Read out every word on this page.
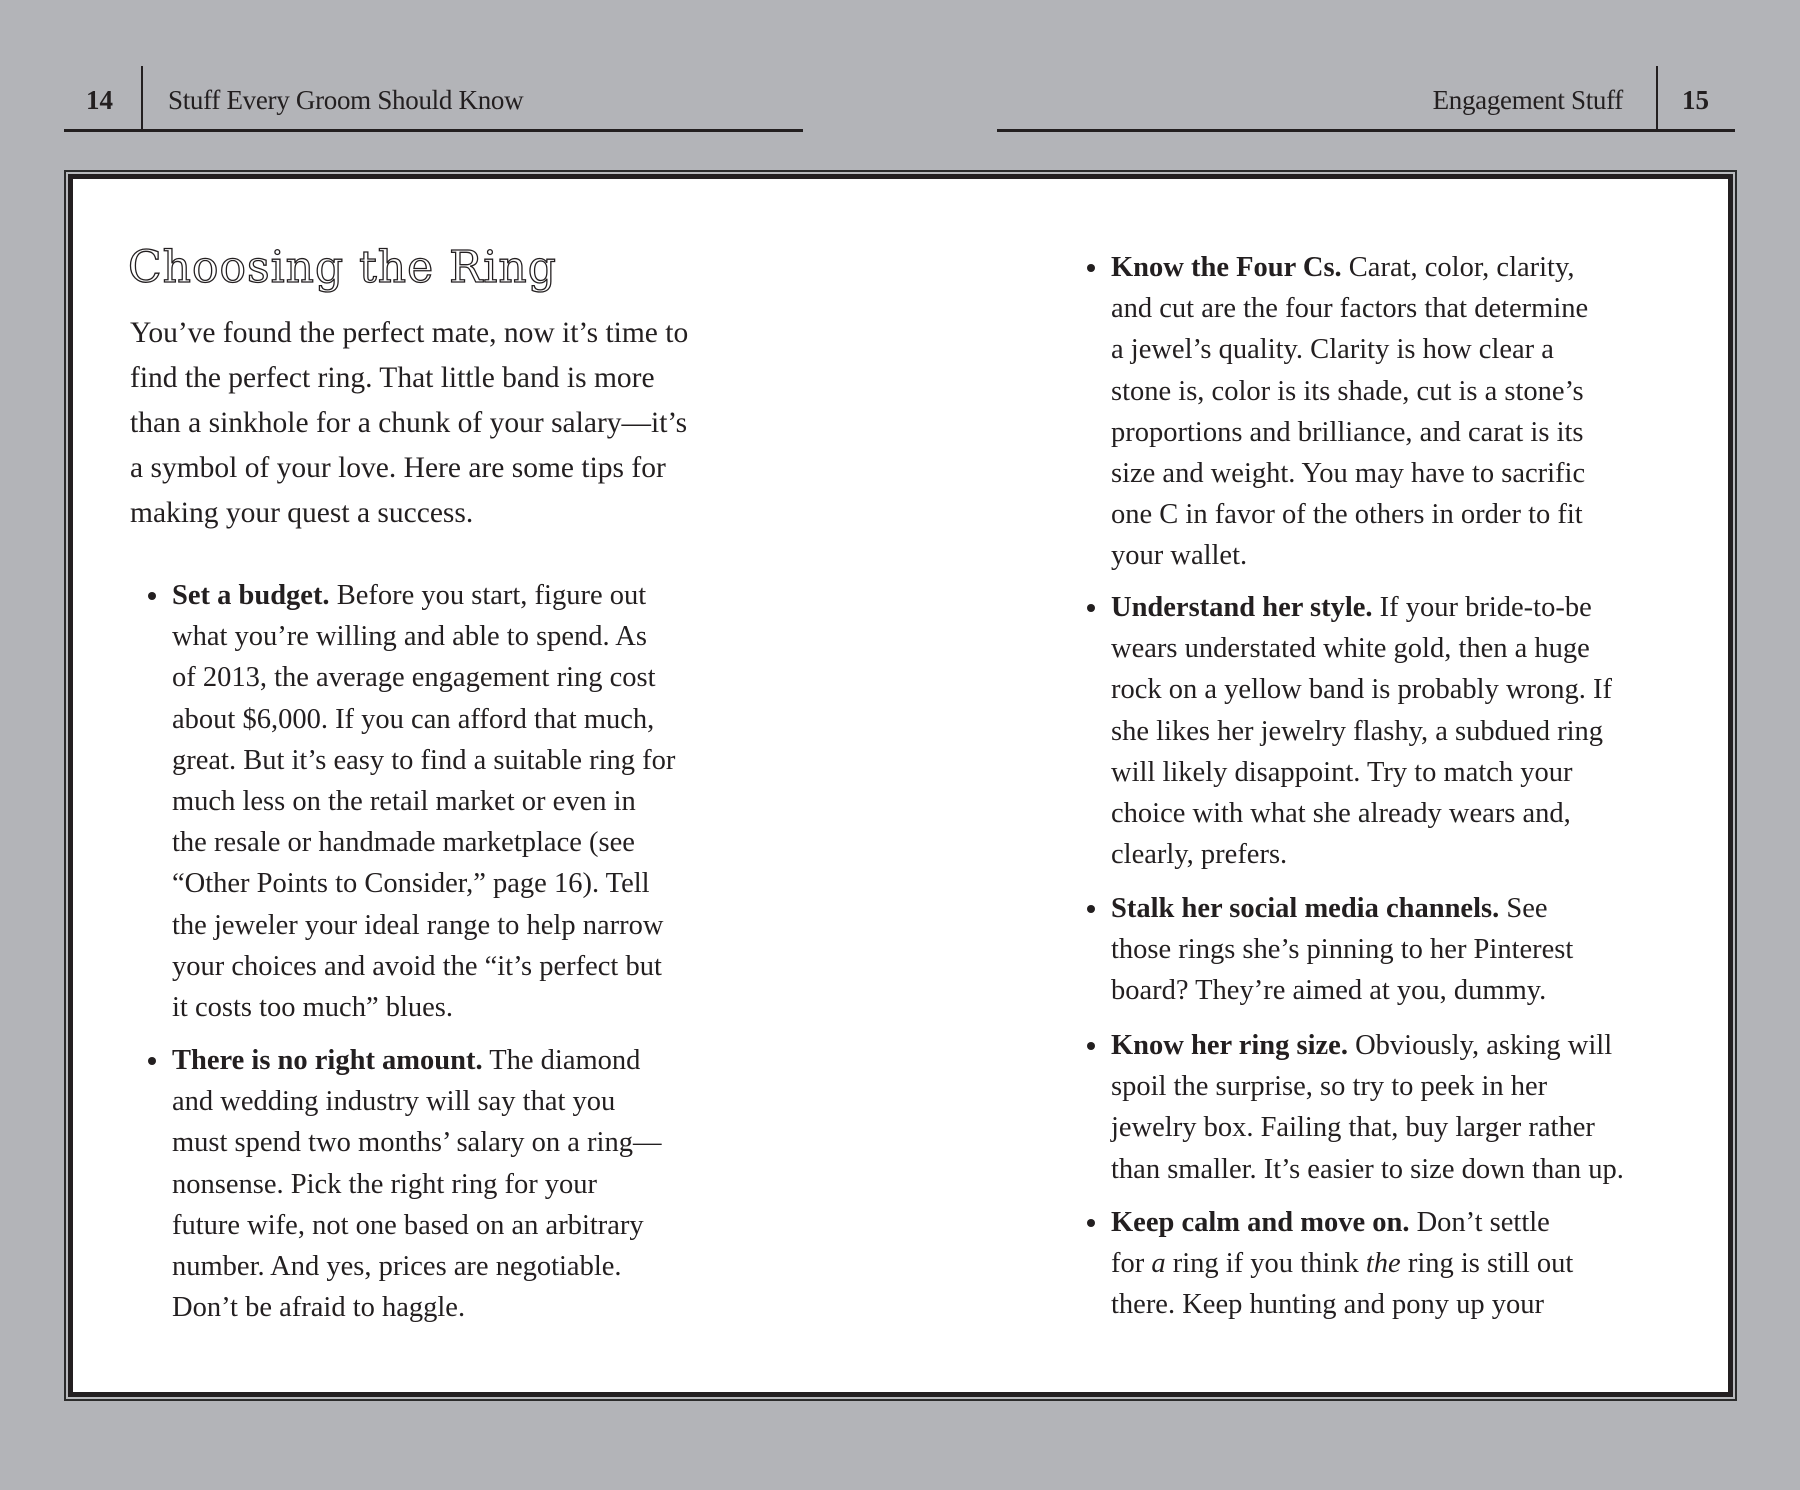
14 Stuff Every Groom Should Know	Engagement Stuff 15
Choosing the Ring
You’ve found the perfect mate, now it’s time to
find the perfect ring. That little band is more
than a sinkhole for a chunk of your salary—it’s
a symbol of your love. Here are some tips for
making your quest a success.
Set a budget. Before you start, figure out
what you’re willing and able to spend. As
of 2013, the average engagement ring cost
about $6,000. If you can afford that much,
great. But it’s easy to find a suitable ring for
much less on the retail market or even in
the resale or handmade marketplace (see
“Other Points to Consider,” page 16). Tell
the jeweler your ideal range to help narrow
your choices and avoid the “it’s perfect but
it costs too much” blues.
There is no right amount. The diamond
and wedding industry will say that you
must spend two months’ salary on a ring—
nonsense. Pick the right ring for your
future wife, not one based on an arbitrary
number. And yes, prices are negotiable.
Don’t be afraid to haggle.
Know the Four Cs. Carat, color, clarity,
and cut are the four factors that determine
a jewel’s quality. Clarity is how clear a
stone is, color is its shade, cut is a stone’s
proportions and brilliance, and carat is its
size and weight. You may have to sacrific
one C in favor of the others in order to fit
your wallet.
Understand her style. If your bride-to-be
wears understated white gold, then a huge
rock on a yellow band is probably wrong. If
she likes her jewelry flashy, a subdued ring
will likely disappoint. Try to match your
choice with what she already wears and,
clearly, prefers.
Stalk her social media channels. See
those rings she’s pinning to her Pinterest
board? They’re aimed at you, dummy.
Know her ring size. Obviously, asking will
spoil the surprise, so try to peek in her
jewelry box. Failing that, buy larger rather
than smaller. It’s easier to size down than up.
Keep calm and move on. Don’t settle
for a ring if you think the ring is still out
there. Keep hunting and pony up your
